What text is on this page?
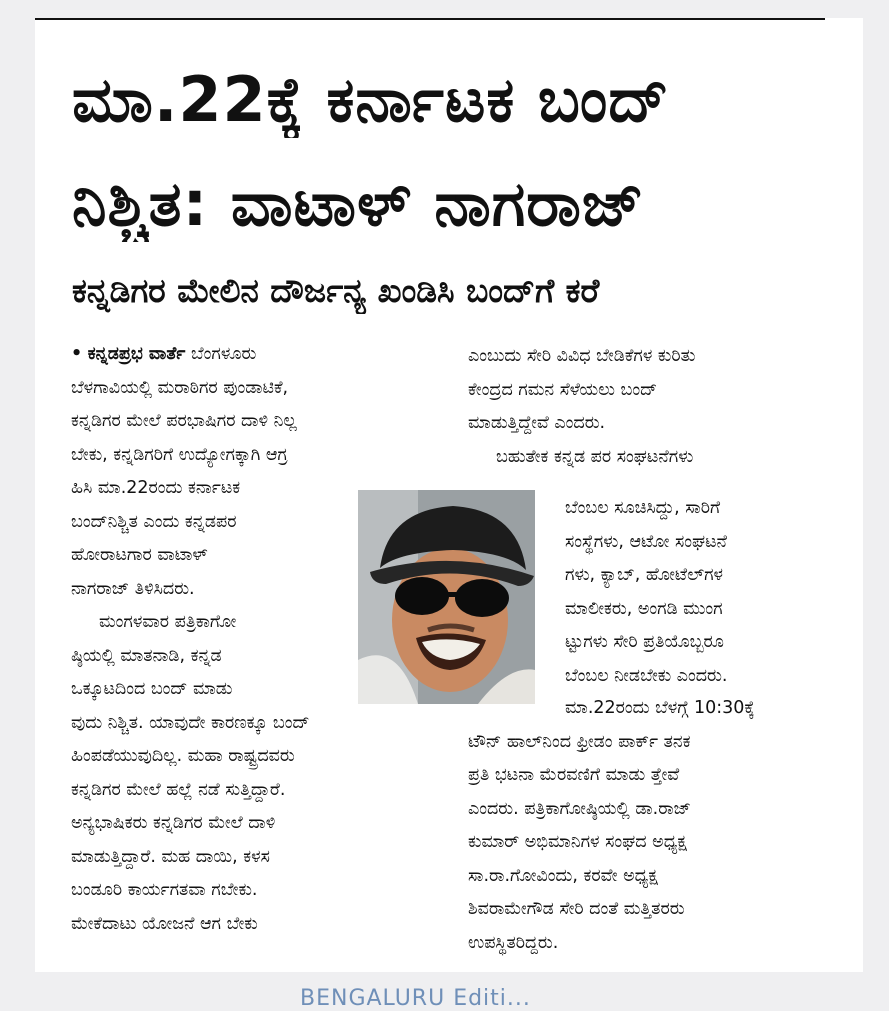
ಮಾ.22ಕ್ಕೆ ಕರ್ನಾಟಕ ಬಂದ್
ನಿಶ್ಚಿತ: ವಾಟಾಳ್ ನಾಗರಾಜ್
ಕನ್ನಡಿಗರ ಮೇಲಿನ ದೌರ್ಜನ್ಯ ಖಂಡಿಸಿ ಬಂದ್‌ಗೆ ಕರೆ
• ಕನ್ನಡಪ್ರಭ ವಾರ್ತೆ ಬೆಂಗಳೂರು
ಬೆಳಗಾವಿಯಲ್ಲಿ ಮರಾಠಿಗರ ಪುಂಡಾಟಿಕೆ,
ಕನ್ನಡಿಗರ ಮೇಲೆ ಪರಭಾಷಿಗರ ದಾಳಿ ನಿಲ್ಲ
ಬೇಕು, ಕನ್ನಡಿಗರಿಗೆ ಉದ್ಯೋಗಕ್ಕಾಗಿ ಆಗ್ರ
ಹಿಸಿ ಮಾ.22ರಂದು ಕರ್ನಾಟಕ
ಬಂದ್‌ನಿಶ್ಚಿತ ಎಂದು ಕನ್ನಡಪರ
ಹೋರಾಟಗಾರ ವಾಟಾಳ್
ನಾಗರಾಜ್ ತಿಳಿಸಿದರು.
ಮಂಗಳವಾರ ಪತ್ರಿಕಾಗೋ
ಷ್ಠಿಯಲ್ಲಿ ಮಾತನಾಡಿ, ಕನ್ನಡ
ಒಕ್ಕೂಟದಿಂದ ಬಂದ್ ಮಾಡು
ವುದು ನಿಶ್ಚಿತ. ಯಾವುದೇ ಕಾರಣಕ್ಕೂ ಬಂದ್
ಹಿಂಪಡೆಯುವುದಿಲ್ಲ. ಮಹಾ ರಾಷ್ಟ್ರದವರು
ಕನ್ನಡಿಗರ ಮೇಲೆ ಹಲ್ಲೆ ನಡೆ ಸುತ್ತಿದ್ದಾರೆ.
ಅನ್ಯಭಾಷಿಕರು ಕನ್ನಡಿಗರ ಮೇಲೆ ದಾಳಿ
ಮಾಡುತ್ತಿದ್ದಾರೆ. ಮಹ ದಾಯಿ, ಕಳಸ
ಬಂಡೂರಿ ಕಾರ್ಯಗತವಾ ಗಬೇಕು.
ಮೇಕೆದಾಟು ಯೋಜನೆ ಆಗ ಬೇಕು
ಎಂಬುದು ಸೇರಿ ವಿವಿಧ ಬೇಡಿಕೆಗಳ ಕುರಿತು
ಕೇಂದ್ರದ ಗಮನ ಸೆಳೆಯಲು ಬಂದ್
ಮಾಡುತ್ತಿದ್ದೇವೆ ಎಂದರು.
ಬಹುತೇಕ ಕನ್ನಡ ಪರ ಸಂಘಟನೆಗಳು
ಬೆಂಬಲ ಸೂಚಿಸಿದ್ದು, ಸಾರಿಗೆ
ಸಂಸ್ಥೆಗಳು, ಆಟೋ ಸಂಘಟನೆ
ಗಳು, ಕ್ಯಾಬ್, ಹೋಟೆಲ್‌ಗಳ
ಮಾಲೀಕರು, ಅಂಗಡಿ ಮುಂಗ
ಟ್ಟುಗಳು ಸೇರಿ ಪ್ರತಿಯೊಬ್ಬರೂ
ಬೆಂಬಲ ನೀಡಬೇಕು ಎಂದರು.
ಮಾ.22ರಂದು ಬೆಳಗ್ಗೆ 10:30ಕ್ಕೆ
ಟೌನ್ ಹಾಲ್‌ನಿಂದ ಫ್ರೀಡಂ ಪಾರ್ಕ್ ತನಕ
ಪ್ರತಿ ಭಟನಾ ಮೆರವಣಿಗೆ ಮಾಡು ತ್ತೇವೆ
ಎಂದರು. ಪತ್ರಿಕಾಗೋಷ್ಠಿಯಲ್ಲಿ ಡಾ.ರಾಜ್
ಕುಮಾರ್ ಅಭಿಮಾನಿಗಳ ಸಂಘದ ಅಧ್ಯಕ್ಷ
ಸಾ.ರಾ.ಗೋವಿಂದು, ಕರವೇ ಅಧ್ಯಕ್ಷ
ಶಿವರಾಮೇಗೌಡ ಸೇರಿ ದಂತೆ ಮತ್ತಿತರರು
ಉಪಸ್ಥಿತರಿದ್ದರು.
BENGALURU Editi...
